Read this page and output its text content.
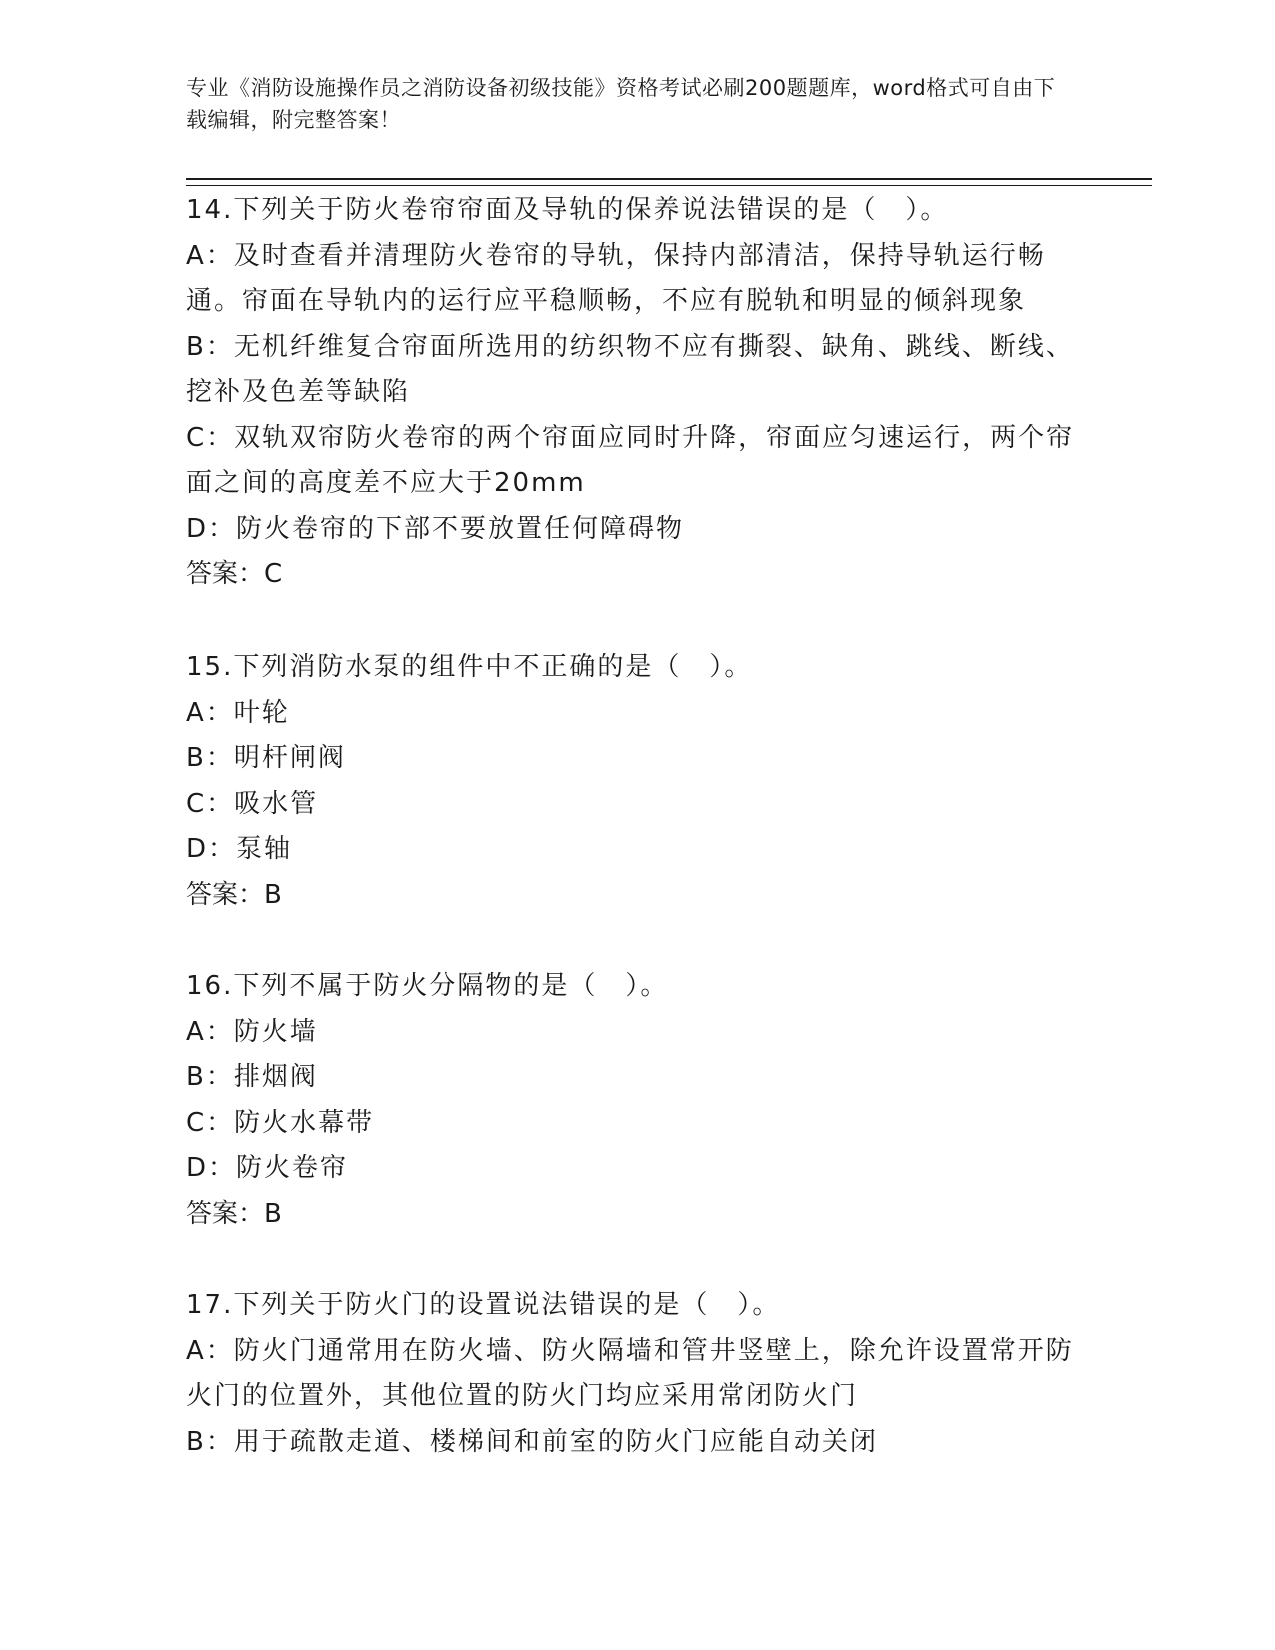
专业《消防设施操作员之消防设备初级技能》资格考试必刷200题题库，word格式可自由下载编辑，附完整答案！

14.下列关于防火卷帘帘面及导轨的保养说法错误的是（　）。

A：及时查看并清理防火卷帘的导轨，保持内部清洁，保持导轨运行畅通。帘面在导轨内的运行应平稳顺畅，不应有脱轨和明显的倾斜现象

B：无机纤维复合帘面所选用的纺织物不应有撕裂、缺角、跳线、断线、挖补及色差等缺陷

C：双轨双帘防火卷帘的两个帘面应同时升降，帘面应匀速运行，两个帘面之间的高度差不应大于20mm

D：防火卷帘的下部不要放置任何障碍物

答案：C

15.下列消防水泵的组件中不正确的是（　）。

A：叶轮

B：明杆闸阀

C：吸水管

D：泵轴

答案：B

16.下列不属于防火分隔物的是（　）。

A：防火墙

B：排烟阀

C：防火水幕带

D：防火卷帘

答案：B

17.下列关于防火门的设置说法错误的是（　）。

A：防火门通常用在防火墙、防火隔墙和管井竖壁上，除允许设置常开防火门的位置外，其他位置的防火门均应采用常闭防火门

B：用于疏散走道、楼梯间和前室的防火门应能自动关闭
